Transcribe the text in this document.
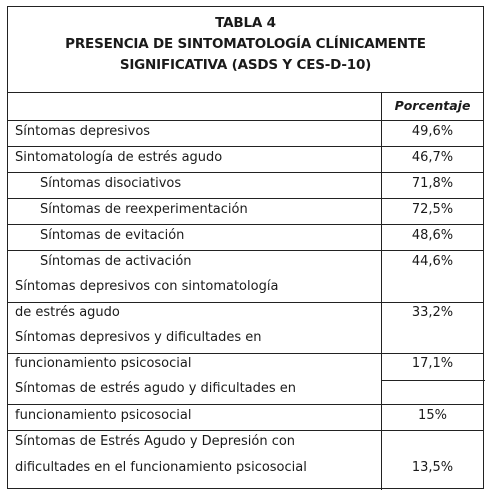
TABLA 4
PRESENCIA DE SINTOMATOLOGÍA CLÍNICAMENTE
SIGNIFICATIVA (ASDS Y CES-D-10)
Porcentaje
Síntomas depresivos	49,6%
Sintomatología de estrés agudo	46,7%
Síntomas disociativos	71,8%
Síntomas de reexperimentación	72,5%
Síntomas de evitación	48,6%
Síntomas de activación	44,6%
Síntomas depresivos con sintomatología
de estrés agudo	33,2%
Síntomas depresivos y dificultades en
funcionamiento psicosocial	17,1%
Síntomas de estrés agudo y dificultades en
funcionamiento psicosocial	15%
Síntomas de Estrés Agudo y Depresión con
dificultades en el funcionamiento psicosocial	13,5%
